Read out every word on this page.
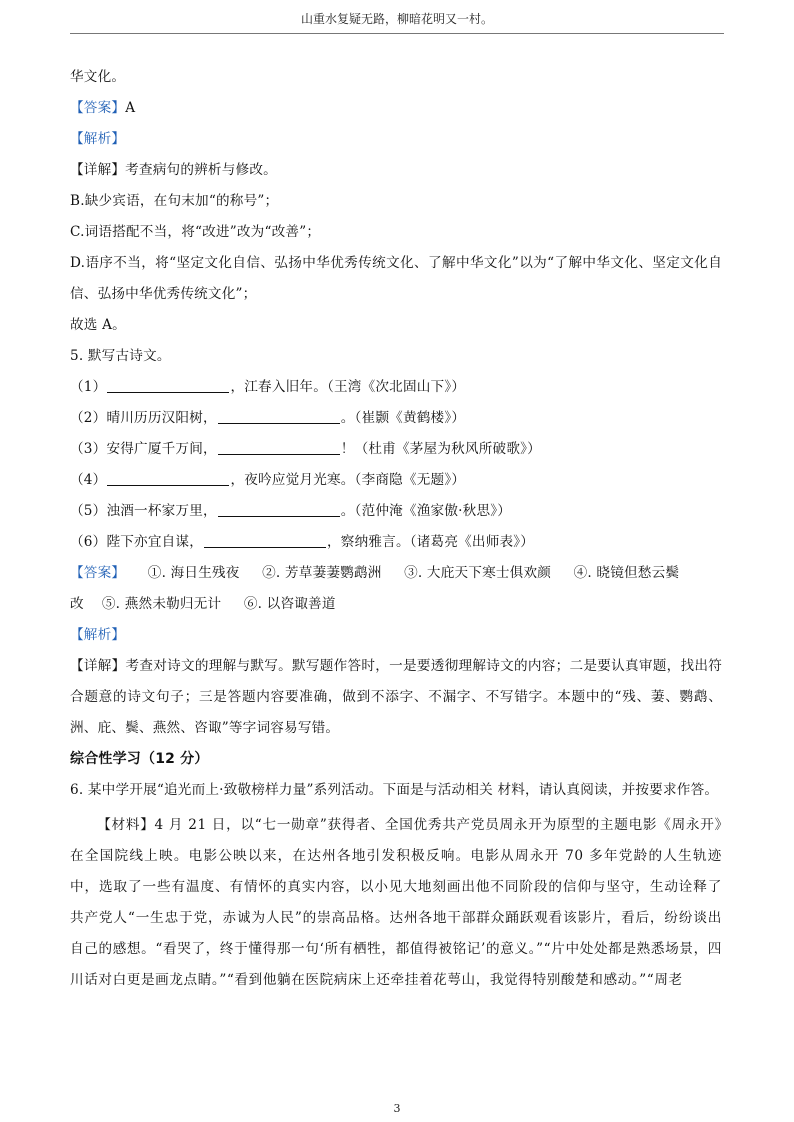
山重水复疑无路，柳暗花明又一村。
华文化。
【答案】A
【解析】
【详解】考查病句的辨析与修改。
B.缺少宾语，在句末加“的称号”；
C.词语搭配不当，将“改进”改为“改善”；
D.语序不当，将“坚定文化自信、弘扬中华优秀传统文化、了解中华文化”以为“了解中华文化、坚定文化自信、弘扬中华优秀传统文化”；
故选 A。
5. 默写古诗文。
（1）	，江春入旧年。（王湾《次北固山下》）
（2）晴川历历汉阳树，	。（崔颢《黄鹤楼》）
（3）安得广厦千万间，	！（杜甫《茅屋为秋风所破歌》）
（4）	，夜吟应觉月光寒。（李商隐《无题》）
（5）浊酒一杯家万里，	。（范仲淹《渔家傲·秋思》）
（6）陛下亦宜自谋，	，察纳雅言。（诸葛亮《出师表》）
【答案】 ①. 海日生残夜 ②. 芳草萋萋鹦鹉洲 ③. 大庇天下寒士俱欢颜 ④. 晓镜但愁云鬓
改 ⑤. 燕然未勒归无计 ⑥. 以咨诹善道
【解析】
【详解】考查对诗文的理解与默写。默写题作答时，一是要透彻理解诗文的内容；二是要认真审题，找出符合题意的诗文句子；三是答题内容要准确，做到不添字、不漏字、不写错字。本题中的“残、萋、鹦鹉、洲、庇、鬓、燕然、咨诹”等字词容易写错。
综合性学习（12 分）
6. 某中学开展“追光而上·致敬榜样力量”系列活动。下面是与活动相关 材料，请认真阅读，并按要求作答。
【材料】4 月 21 日，以“七一勋章”获得者、全国优秀共产党员周永开为原型的主题电影《周永开》在全国院线上映。电影公映以来，在达州各地引发积极反响。电影从周永开 70 多年党龄的人生轨迹中，选取了一些有温度、有情怀的真实内容，以小见大地刻画出他不同阶段的信仰与坚守，生动诠释了共产党人“一生忠于党，赤诚为人民”的崇高品格。达州各地干部群众踊跃观看该影片，看后，纷纷谈出自己的感想。“看哭了，终于懂得那一句‘所有栖牲，都值得被铭记’的意义。”“片中处处都是熟悉场景，四川话对白更是画龙点睛。”“看到他躺在医院病床上还牵挂着花萼山，我觉得特别酸楚和感动。”“周老
3
